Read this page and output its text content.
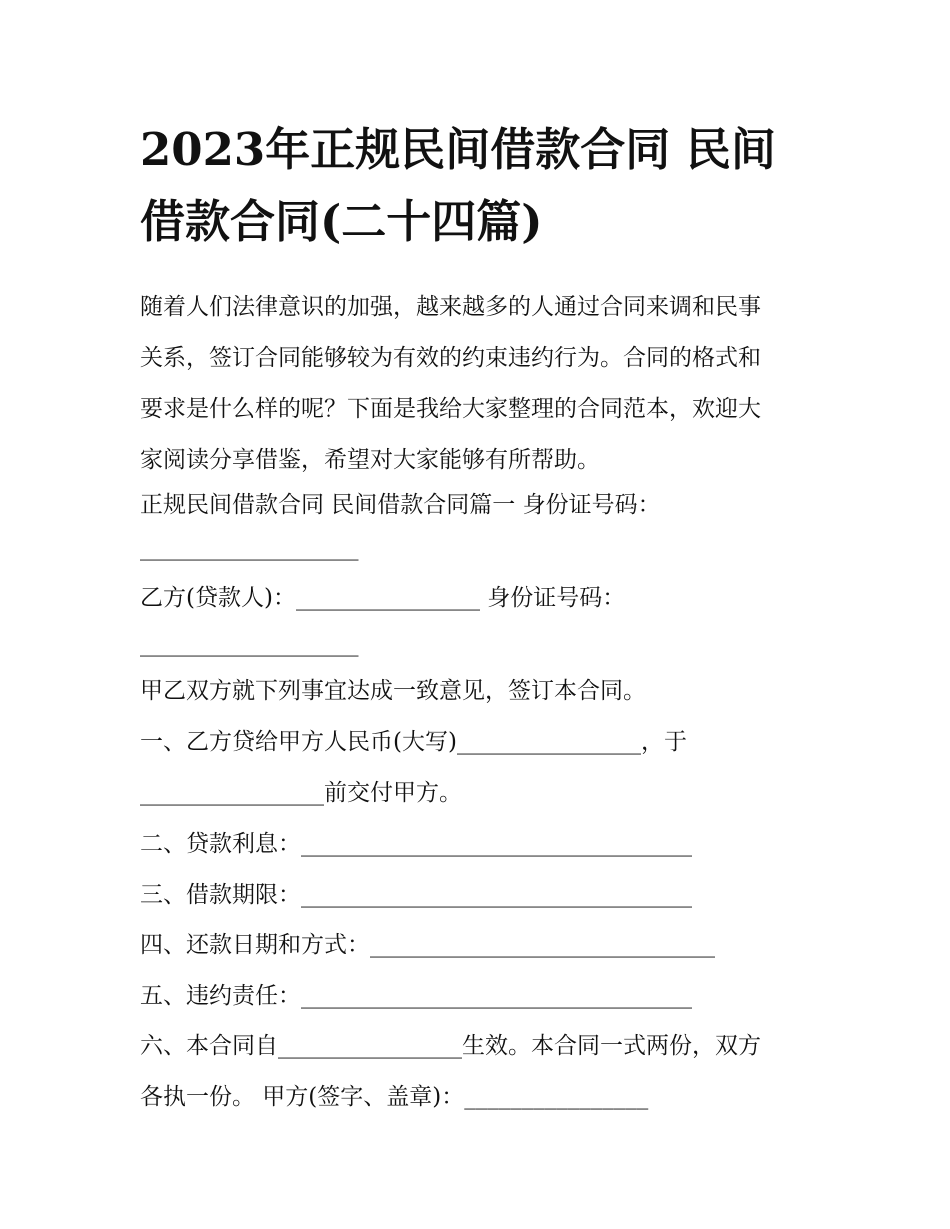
2023年正规民间借款合同 民间借款合同(二十四篇)
随着人们法律意识的加强，越来越多的人通过合同来调和民事
关系，签订合同能够较为有效的约束违约行为。合同的格式和
要求是什么样的呢？下面是我给大家整理的合同范本，欢迎大
家阅读分享借鉴，希望对大家能够有所帮助。
正规民间借款合同 民间借款合同篇一 身份证号码：
___________________
乙方(贷款人)：________________ 身份证号码：
___________________
甲乙双方就下列事宜达成一致意见，签订本合同。
一、乙方贷给甲方人民币(大写)________________，于
________________前交付甲方。
二、贷款利息：__________________________________
三、借款期限：__________________________________
四、还款日期和方式：______________________________
五、违约责任：__________________________________
六、本合同自________________生效。本合同一式两份，双方
各执一份。 甲方(签字、盖章)：________________
